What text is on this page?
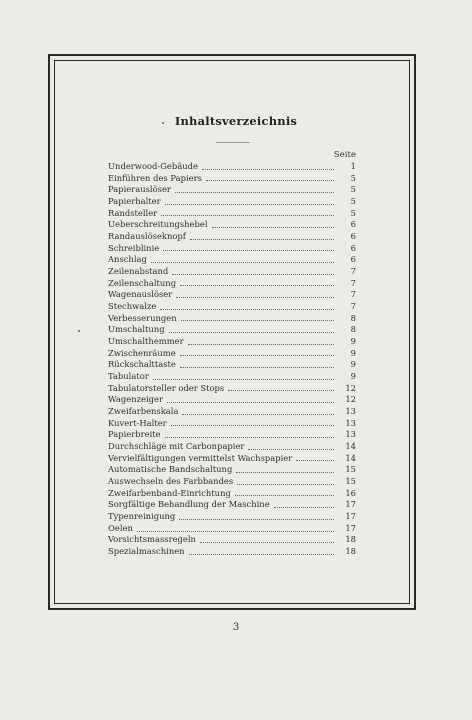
Inhaltsverzeichnis
Seite
Underwood-Gebäude	1
Einführen des Papiers	5
Papierauslöser	5
Papierhalter	5
Randsteller	5
Ueberschreitungshebel	6
Randauslöseknopf	6
Schreiblinie	6
Anschlag	6
Zeilenabstand	7
Zeilenschaltung	7
Wagenauslöser	7
Stechwalze	7
Verbesserungen	8
Umschaltung	8
Umschalthemmer	9
Zwischenräume	9
Rückschalttaste	9
Tabulator	9
Tabulatorsteller oder Stops	12
Wagenzeiger	12
Zweifarbenskala	13
Kuvert-Halter	13
Papierbreite	13
Durchschläge mit Carbonpapier	14
Vervielfältigungen vermittelst Wachspapier	14
Automatische Bandschaltung	15
Auswechseln des Farbbandes	15
Zweifarbenband-Einrichtung	16
Sorgfältige Behandlung der Maschine	17
Typenreinigung	17
Oelen	17
Vorsichtsmassregeln	18
Spezialmaschinen	18
3
